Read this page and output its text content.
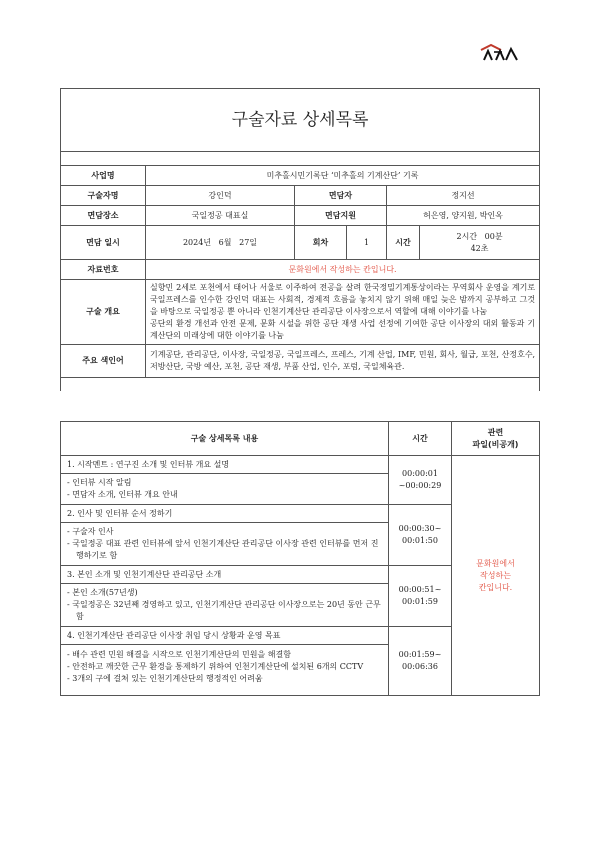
구술자료 상세목록					

사업명	미추홀시민기록단 ‘미추홀의 기계산단’ 기록				
구술자명	강인덕	면담자		정지선	
면담장소	국일정공 대표실	면담지원		허은영, 양지원, 박인옥	
면담 일시	2024년   6월   27일	회차	1	시간	2시간   00분
42초
자료번호	문화원에서 작성하는 칸입니다.				
구술 개요	실향민 2세로 포천에서 태어나 서울로 이주하여 전공을 살려 한국정밀기계통상이라는 무역회사 운영을 계기로 국일프레스를 인수한 강인덕 대표는 사회적, 경제적 흐름을 놓치지 않기 위해 매일 늦은 밤까지 공부하고 그것을 바탕으로 국일정공 뿐 아니라 인천기계산단 관리공단 이사장으로서 역할에 대해 이야기를 나눔
공단의 환경 개선과 안전 문제, 문화 시설을 위한 공단 재생 사업 선정에 기여한 공단 이사장의 대외 활동과 기계산단의 미래상에 대한 이야기를 나눔				

주요 색인어	기계공단, 관리공단, 이사장, 국일정공, 국일프레스, 프레스, 기계 산업, IMF, 민원, 회사, 월급, 포천, 산정호수, 저방산단, 국방 예산, 포천, 공단 재생, 부품 산업, 인수, 포럼, 국일체육관.				

구술 상세목록 내용	시간	관련
파일(비공개)
1. 시작멘트 : 연구진 소개 및 인터뷰 개요 설명	00:00:01
~00:00:29	문화원에서
작성하는
칸입니다.

- 인터뷰 시작 알림
- 면담자 소개, 인터뷰 개요 안내		

2. 인사 및 인터뷰 순서 정하기	00:00:30~
00:01:50	

- 구술자 인사
- 국일정공 대표 관련 인터뷰에 앞서 인천기계산단 관리공단 이사장 관련 인터뷰를 먼저 진행하기로 함		

3. 본인 소개 및 인천기계산단 관리공단 소개	00:00:51~
00:01:59	

- 본인 소개(57년생)
- 국일정공은 32년째 경영하고 있고, 인천기계산단 관리공단 이사장으로는 20년 동안 근무함		

4. 인천기계산단 관리공단 이사장 취임 당시 상황과 운영 목표	00:01:59~
00:06:36	

- 배수 관련 민원 해결을 시작으로 인천기계산단의 민원을 해결함
- 안전하고 깨끗한 근무 환경을 통제하기 위하여 인천기계산단에 설치된 6개의 CCTV
- 3개의 구에 걸쳐 있는 인천기계산단의 행정적인 어려움		
